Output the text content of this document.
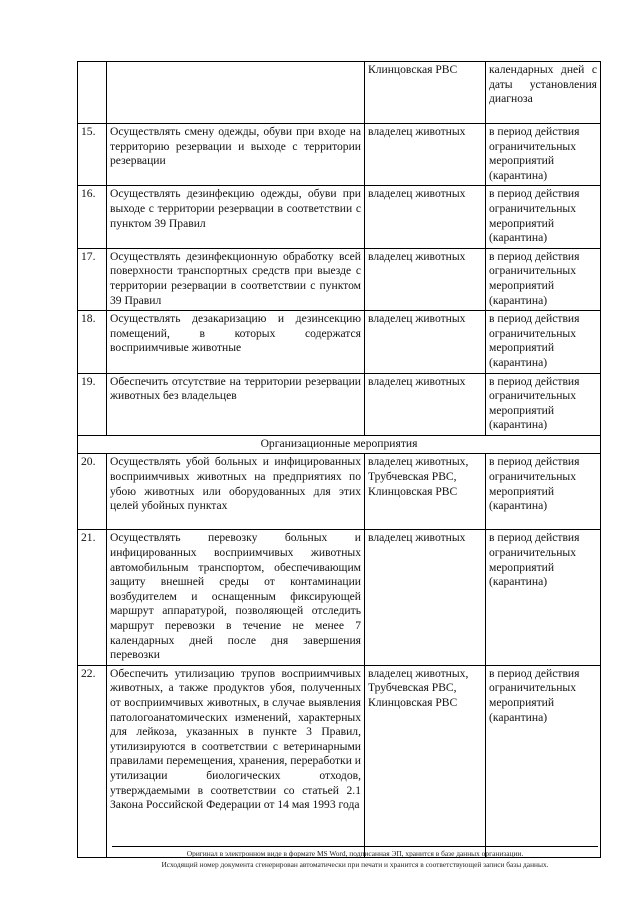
		Клинцовская РВС	календарных дней с даты установления диагноза
15.	Осуществлять смену одежды, обуви при входе на территорию резервации и выходе с территории резервации	владелец животных	в период действия ограничительных мероприятий (карантина)
16.	Осуществлять дезинфекцию одежды, обуви при выходе с территории резервации в соответствии с пунктом 39 Правил	владелец животных	в период действия ограничительных мероприятий (карантина)
17.	Осуществлять дезинфекционную обработку всей поверхности транспортных средств при выезде с территории резервации в соответствии с пунктом 39 Правил	владелец животных	в период действия ограничительных мероприятий (карантина)
18.	Осуществлять дезакаризацию и дезинсекцию помещений, в которых содержатся восприимчивые животные	владелец животных	в период действия ограничительных мероприятий (карантина)
19.	Обеспечить отсутствие на территории резервации животных без владельцев	владелец животных	в период действия ограничительных мероприятий (карантина)
Организационные мероприятия			
20.	Осуществлять убой больных и инфицированных восприимчивых животных на предприятиях по убою животных или оборудованных для этих целей убойных пунктах	владелец животных, Трубчевская РВС, Клинцовская РВС	в период действия ограничительных мероприятий (карантина)
21.	Осуществлять перевозку больных и инфицированных восприимчивых животных автомобильным транспортом, обеспечивающим защиту внешней среды от контаминации возбудителем и оснащенным фиксирующей маршрут аппаратурой, позволяющей отследить маршрут перевозки в течение не менее 7 календарных дней после дня завершения перевозки	владелец животных	в период действия ограничительных мероприятий (карантина)
22.	Обеспечить утилизацию трупов восприимчивых животных, а также продуктов убоя, полученных от восприимчивых животных, в случае выявления патологоанатомических изменений, характерных для лейкоза, указанных в пункте 3 Правил, утилизируются в соответствии с ветеринарными правилами перемещения, хранения, переработки и утилизации биологических отходов, утверждаемыми в соответствии со статьей 2.1 Закона Российской Федерации от 14 мая 1993 года	владелец животных, Трубчевская РВС, Клинцовская РВС	в период действия ограничительных мероприятий (карантина)
Оригинал в электронном виде в формате MS Word, подписанная ЭП, хранится в базе данных организации.
Исходящий номер документа сгенерирован автоматически при печати и хранится в соответствующей записи базы данных.
